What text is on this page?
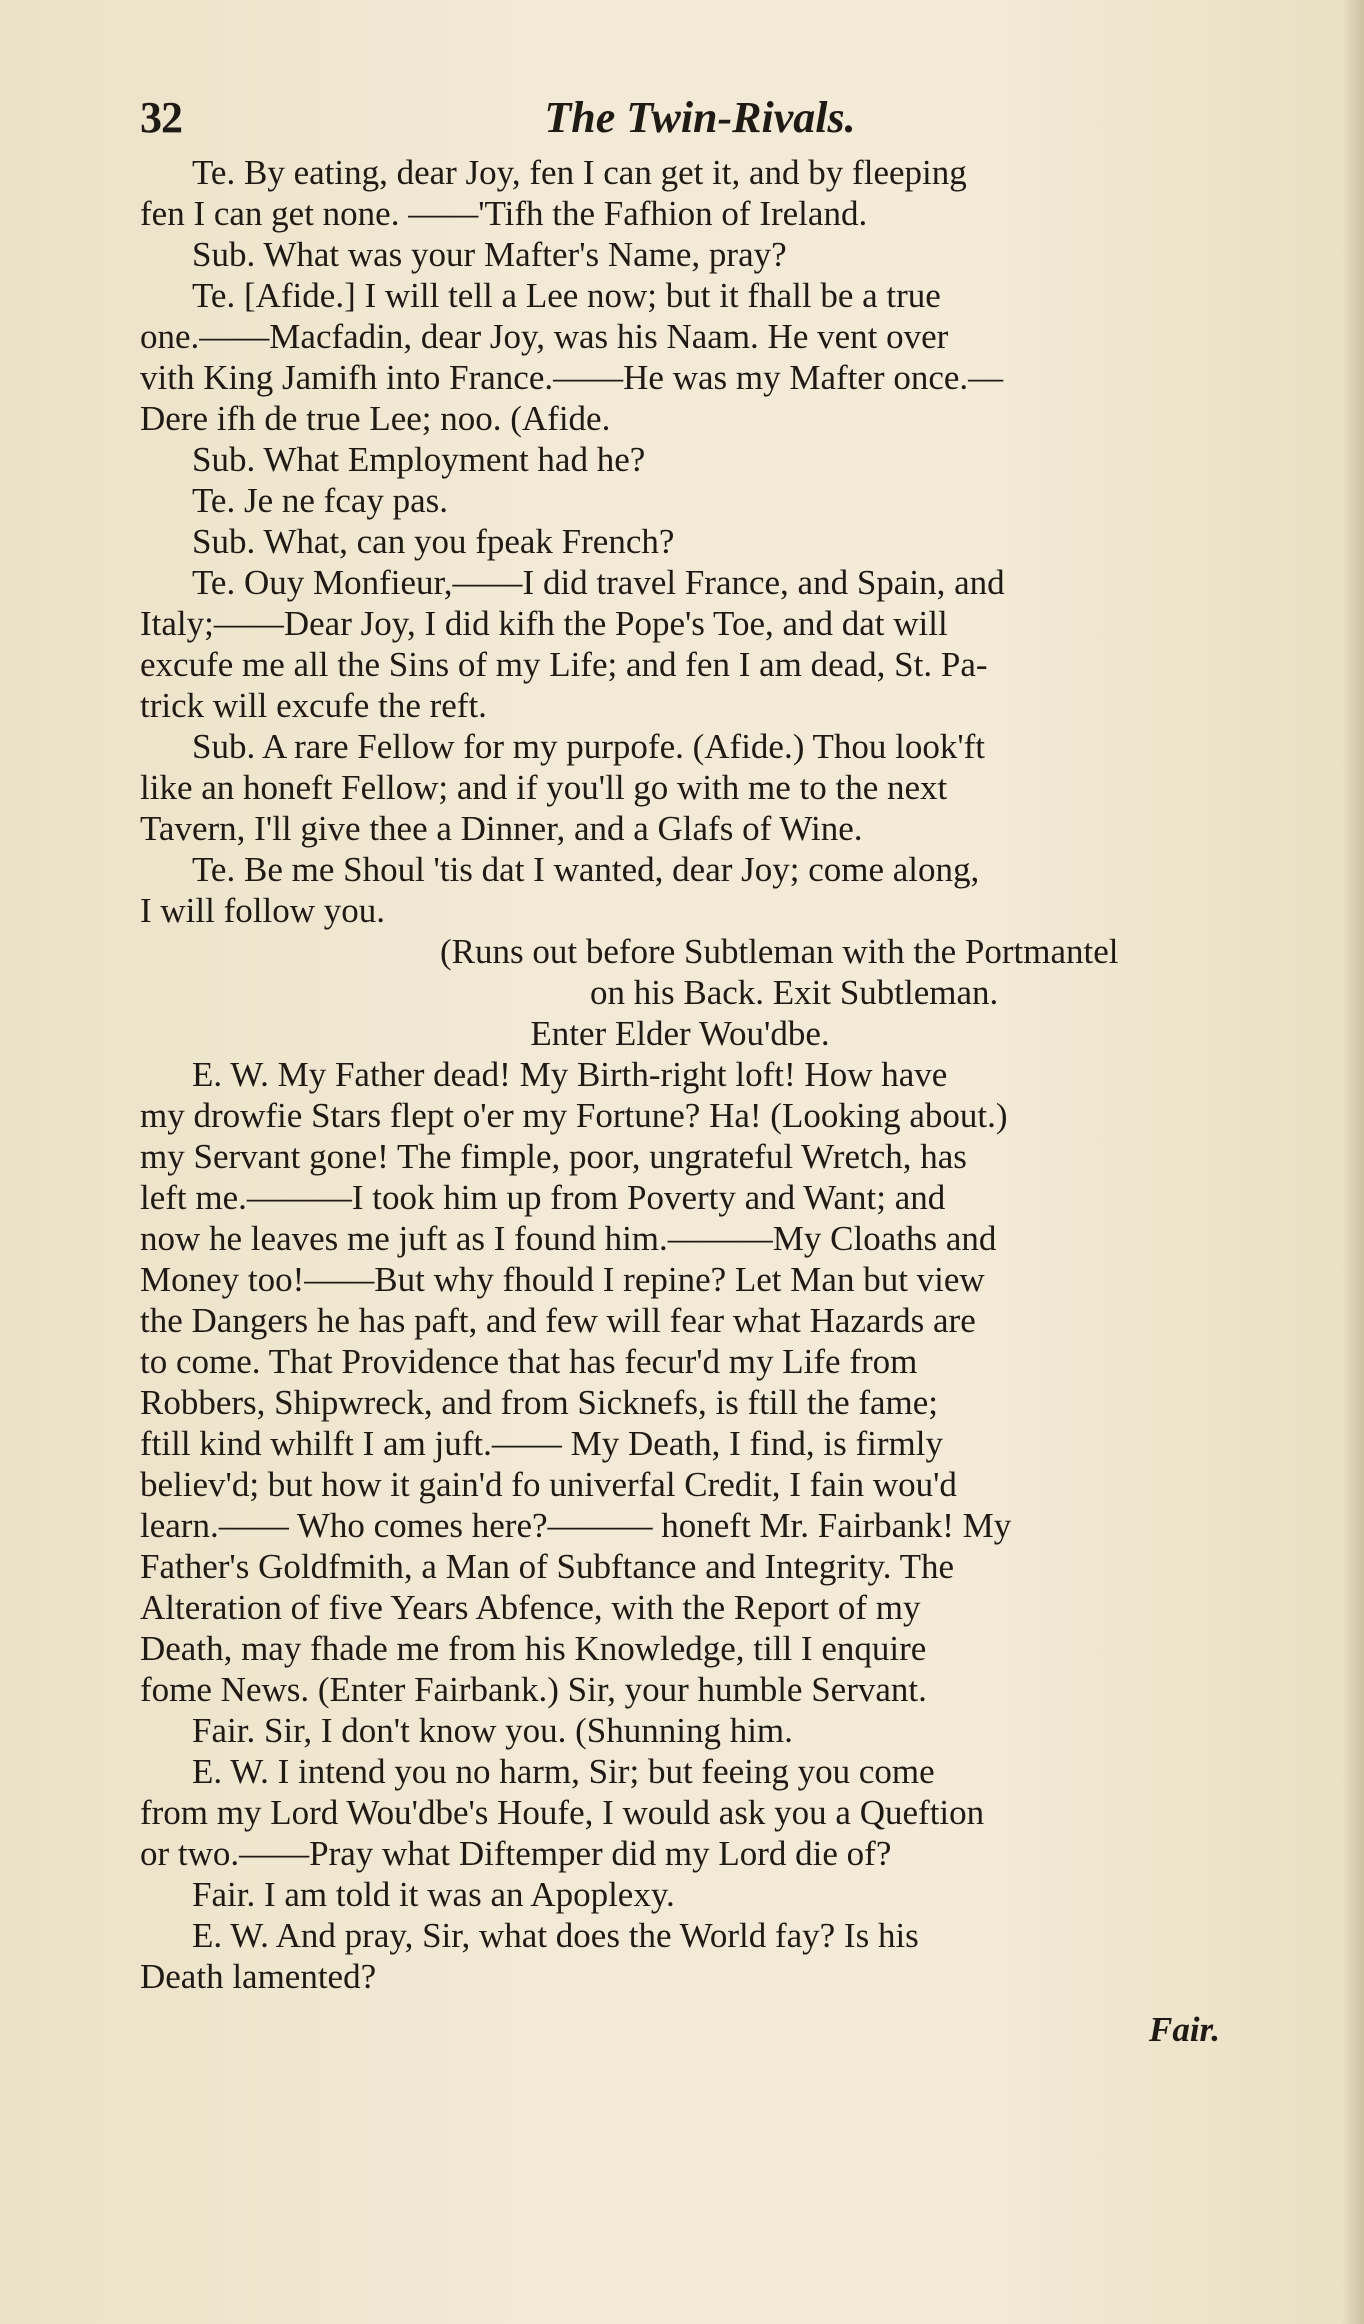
32	The Twin-Rivals.
Te. By eating, dear Joy, fen I can get it, and by fleeping
fen I can get none. ——'Tifh the Fafhion of Ireland.
Sub. What was your Mafter's Name, pray?
Te. [Afide.] I will tell a Lee now; but it fhall be a true
one.——Macfadin, dear Joy, was his Naam. He vent over
vith King Jamifh into France.——He was my Mafter once.—
Dere ifh de true Lee; noo. (Afide.
Sub. What Employment had he?
Te. Je ne fcay pas.
Sub. What, can you fpeak French?
Te. Ouy Monfieur,——I did travel France, and Spain, and
Italy;——Dear Joy, I did kifh the Pope's Toe, and dat will
excufe me all the Sins of my Life; and fen I am dead, St. Pa-
trick will excufe the reft.
Sub. A rare Fellow for my purpofe. (Afide.) Thou look'ft
like an honeft Fellow; and if you'll go with me to the next
Tavern, I'll give thee a Dinner, and a Glafs of Wine.
Te. Be me Shoul 'tis dat I wanted, dear Joy; come along,
I will follow you.
(Runs out before Subtleman with the Portmantel
on his Back. Exit Subtleman.
Enter Elder Wou'dbe.
E. W. My Father dead! My Birth-right loft! How have
my drowfie Stars flept o'er my Fortune? Ha! (Looking about.)
my Servant gone! The fimple, poor, ungrateful Wretch, has
left me.———I took him up from Poverty and Want; and
now he leaves me juft as I found him.———My Cloaths and
Money too!——But why fhould I repine? Let Man but view
the Dangers he has paft, and few will fear what Hazards are
to come. That Providence that has fecur'd my Life from
Robbers, Shipwreck, and from Sicknefs, is ftill the fame;
ftill kind whilft I am juft.—— My Death, I find, is firmly
believ'd; but how it gain'd fo univerfal Credit, I fain wou'd
learn.—— Who comes here?——— honeft Mr. Fairbank! My
Father's Goldfmith, a Man of Subftance and Integrity. The
Alteration of five Years Abfence, with the Report of my
Death, may fhade me from his Knowledge, till I enquire
fome News. (Enter Fairbank.) Sir, your humble Servant.
Fair. Sir, I don't know you. (Shunning him.
E. W. I intend you no harm, Sir; but feeing you come
from my Lord Wou'dbe's Houfe, I would ask you a Queftion
or two.——Pray what Diftemper did my Lord die of?
Fair. I am told it was an Apoplexy.
E. W. And pray, Sir, what does the World fay? Is his
Death lamented?
Fair.
